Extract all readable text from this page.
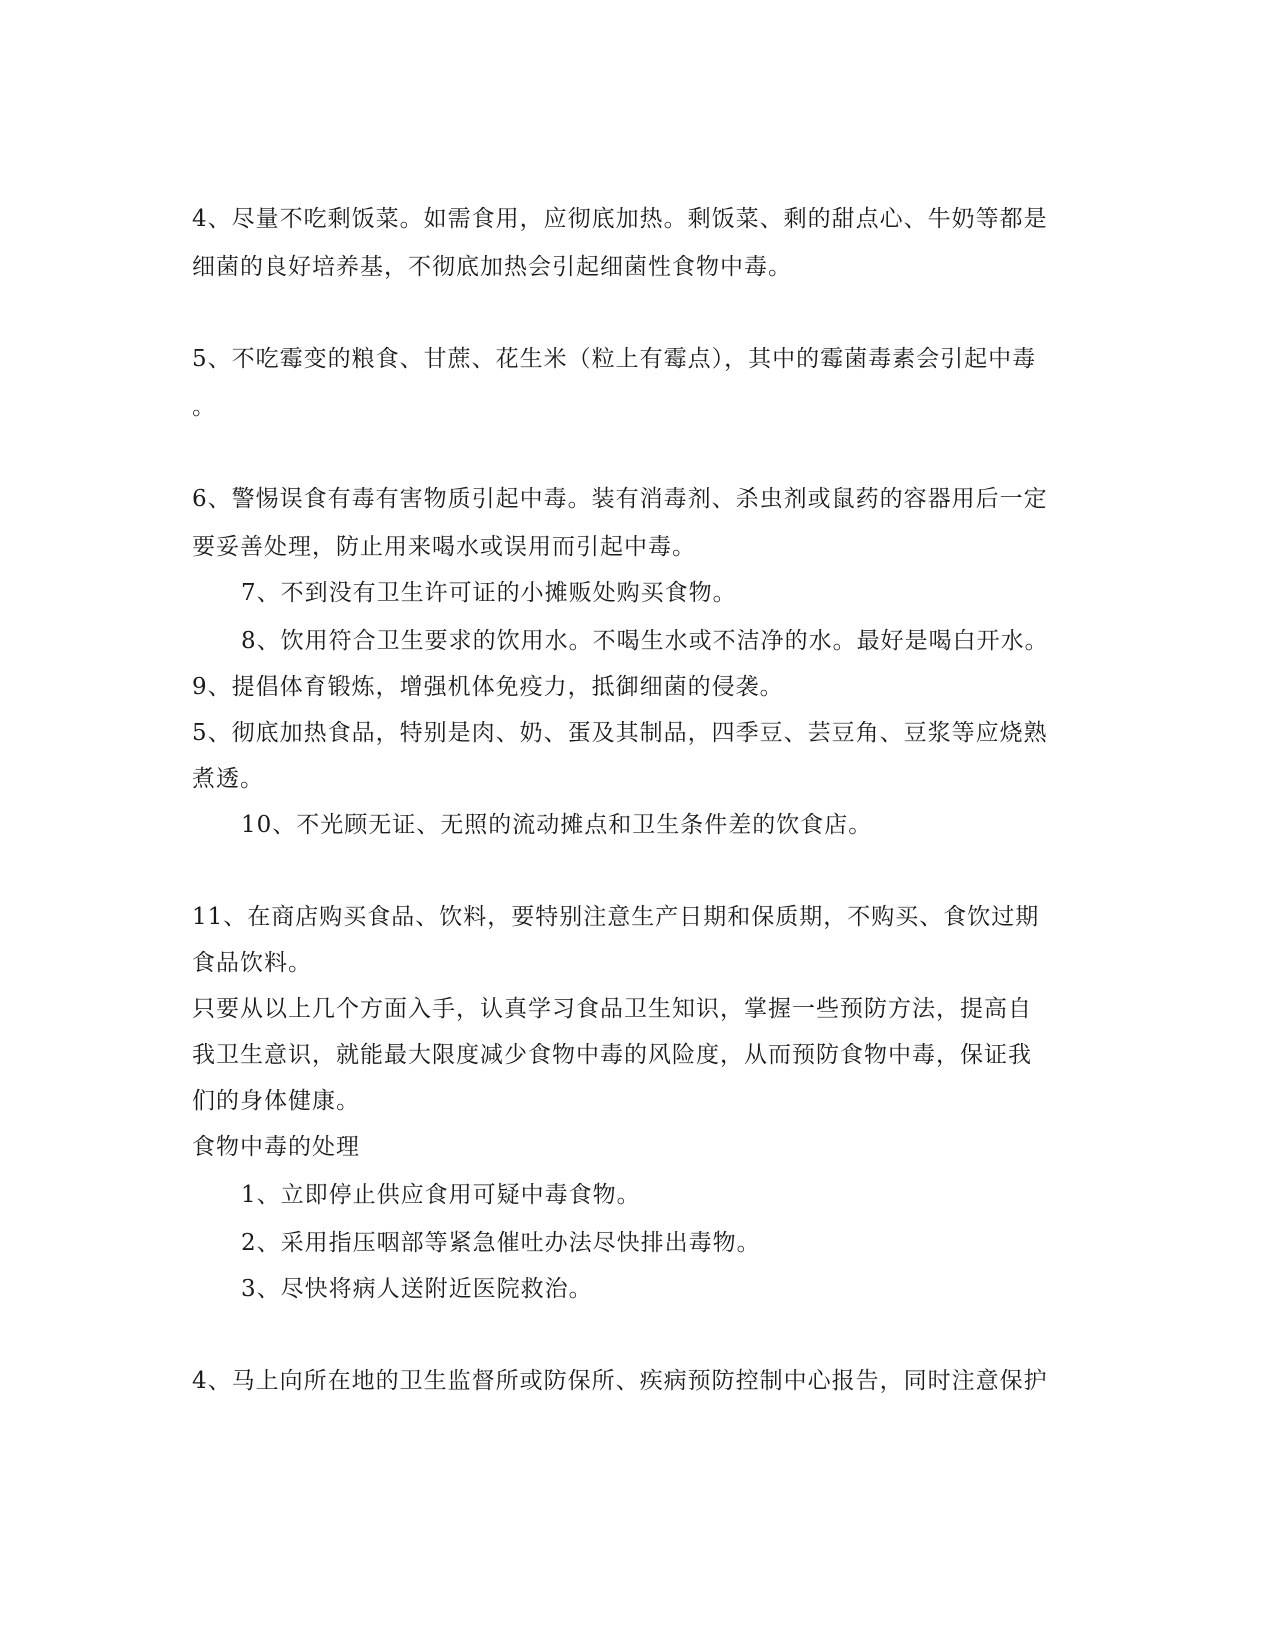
4、尽量不吃剩饭菜。如需食用，应彻底加热。剩饭菜、剩的甜点心、牛奶等都是
细菌的良好培养基，不彻底加热会引起细菌性食物中毒。
5、不吃霉变的粮食、甘蔗、花生米（粒上有霉点），其中的霉菌毒素会引起中毒
。
6、警惕误食有毒有害物质引起中毒。装有消毒剂、杀虫剂或鼠药的容器用后一定
要妥善处理，防止用来喝水或误用而引起中毒。
7、不到没有卫生许可证的小摊贩处购买食物。
8、饮用符合卫生要求的饮用水。不喝生水或不洁净的水。最好是喝白开水。
9、提倡体育锻炼，增强机体免疫力，抵御细菌的侵袭。
5、彻底加热食品，特别是肉、奶、蛋及其制品，四季豆、芸豆角、豆浆等应烧熟
煮透。
10、不光顾无证、无照的流动摊点和卫生条件差的饮食店。
11、在商店购买食品、饮料，要特别注意生产日期和保质期，不购买、食饮过期
食品饮料。
只要从以上几个方面入手，认真学习食品卫生知识，掌握一些预防方法，提高自
我卫生意识，就能最大限度减少食物中毒的风险度，从而预防食物中毒，保证我
们的身体健康。
食物中毒的处理
1、立即停止供应食用可疑中毒食物。
2、采用指压咽部等紧急催吐办法尽快排出毒物。
3、尽快将病人送附近医院救治。
4、马上向所在地的卫生监督所或防保所、疾病预防控制中心报告，同时注意保护
